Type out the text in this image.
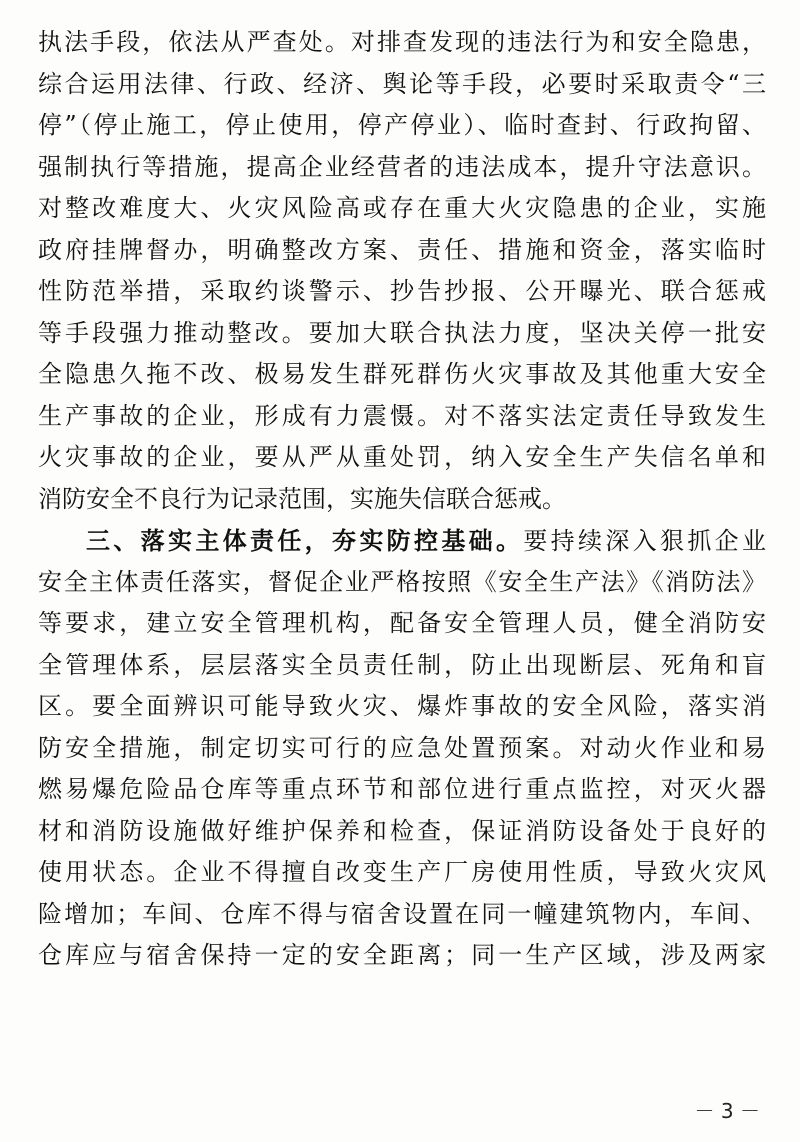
执法手段，依法从严查处。对排查发现的违法行为和安全隐患，
综合运用法律、行政、经济、舆论等手段，必要时采取责令“三
停”（停止施工，停止使用，停产停业）、临时查封、行政拘留、
强制执行等措施，提高企业经营者的违法成本，提升守法意识。
对整改难度大、火灾风险高或存在重大火灾隐患的企业，实施
政府挂牌督办，明确整改方案、责任、措施和资金，落实临时
性防范举措，采取约谈警示、抄告抄报、公开曝光、联合惩戒
等手段强力推动整改。要加大联合执法力度，坚决关停一批安
全隐患久拖不改、极易发生群死群伤火灾事故及其他重大安全
生产事故的企业，形成有力震慑。对不落实法定责任导致发生
火灾事故的企业，要从严从重处罚，纳入安全生产失信名单和
消防安全不良行为记录范围，实施失信联合惩戒。
三、落实主体责任，夯实防控基础。要持续深入狠抓企业
安全主体责任落实，督促企业严格按照《安全生产法》《消防法》
等要求，建立安全管理机构，配备安全管理人员，健全消防安
全管理体系，层层落实全员责任制，防止出现断层、死角和盲
区。要全面辨识可能导致火灾、爆炸事故的安全风险，落实消
防安全措施，制定切实可行的应急处置预案。对动火作业和易
燃易爆危险品仓库等重点环节和部位进行重点监控，对灭火器
材和消防设施做好维护保养和检查，保证消防设备处于良好的
使用状态。企业不得擅自改变生产厂房使用性质，导致火灾风
险增加；车间、仓库不得与宿舍设置在同一幢建筑物内，车间、
仓库应与宿舍保持一定的安全距离；同一生产区域，涉及两家
－ 3 －
